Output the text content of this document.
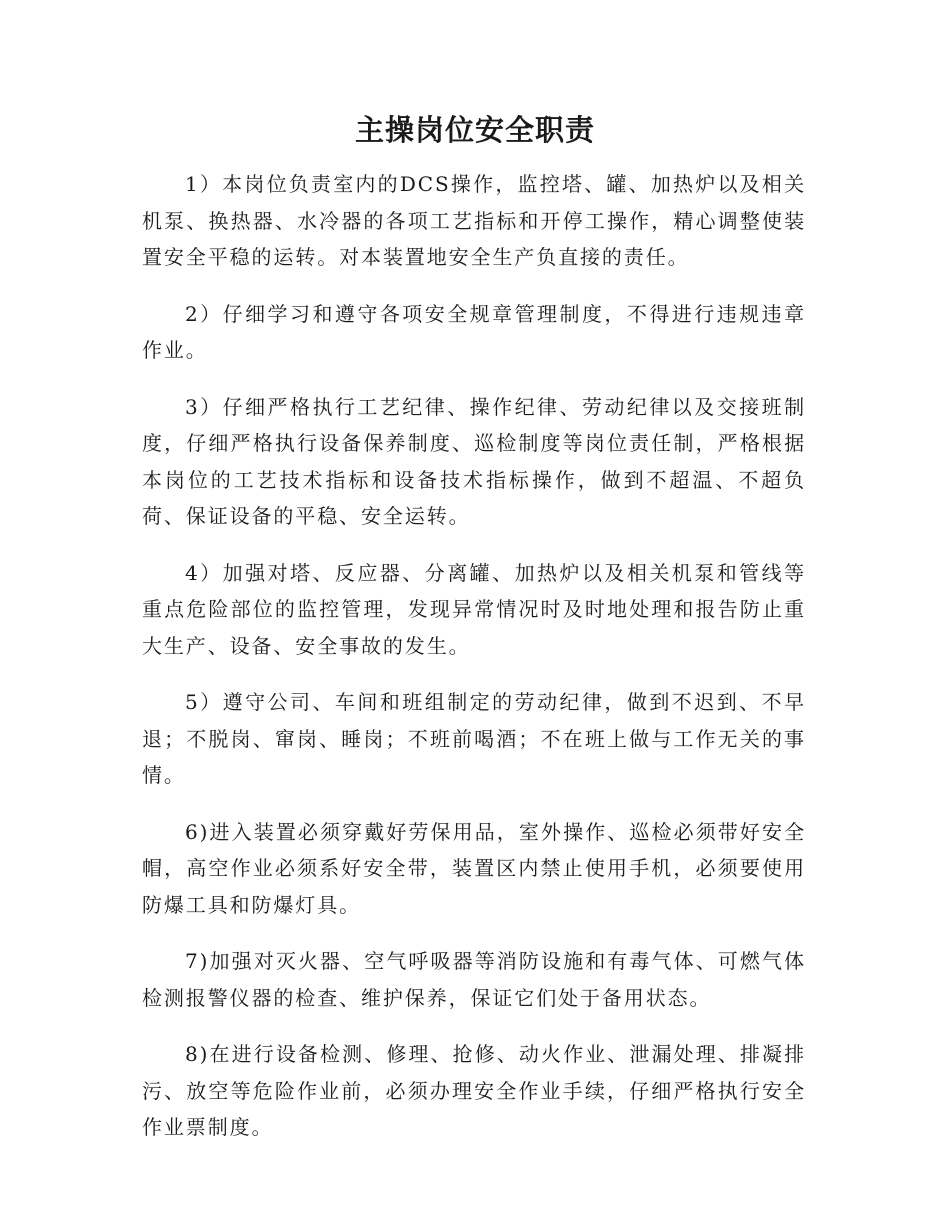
主操岗位安全职责

1）本岗位负责室内的DCS操作，监控塔、罐、加热炉以及相关机泵、换热器、水冷器的各项工艺指标和开停工操作，精心调整使装置安全平稳的运转。对本装置地安全生产负直接的责任。

2）仔细学习和遵守各项安全规章管理制度，不得进行违规违章作业。

3）仔细严格执行工艺纪律、操作纪律、劳动纪律以及交接班制度，仔细严格执行设备保养制度、巡检制度等岗位责任制，严格根据本岗位的工艺技术指标和设备技术指标操作，做到不超温、不超负荷、保证设备的平稳、安全运转。

4）加强对塔、反应器、分离罐、加热炉以及相关机泵和管线等重点危险部位的监控管理，发现异常情况时及时地处理和报告防止重大生产、设备、安全事故的发生。

5）遵守公司、车间和班组制定的劳动纪律，做到不迟到、不早退；不脱岗、窜岗、睡岗；不班前喝酒；不在班上做与工作无关的事情。

6)进入装置必须穿戴好劳保用品，室外操作、巡检必须带好安全帽，高空作业必须系好安全带，装置区内禁止使用手机，必须要使用防爆工具和防爆灯具。

7)加强对灭火器、空气呼吸器等消防设施和有毒气体、可燃气体检测报警仪器的检查、维护保养，保证它们处于备用状态。

8)在进行设备检测、修理、抢修、动火作业、泄漏处理、排凝排污、放空等危险作业前，必须办理安全作业手续，仔细严格执行安全作业票制度。
